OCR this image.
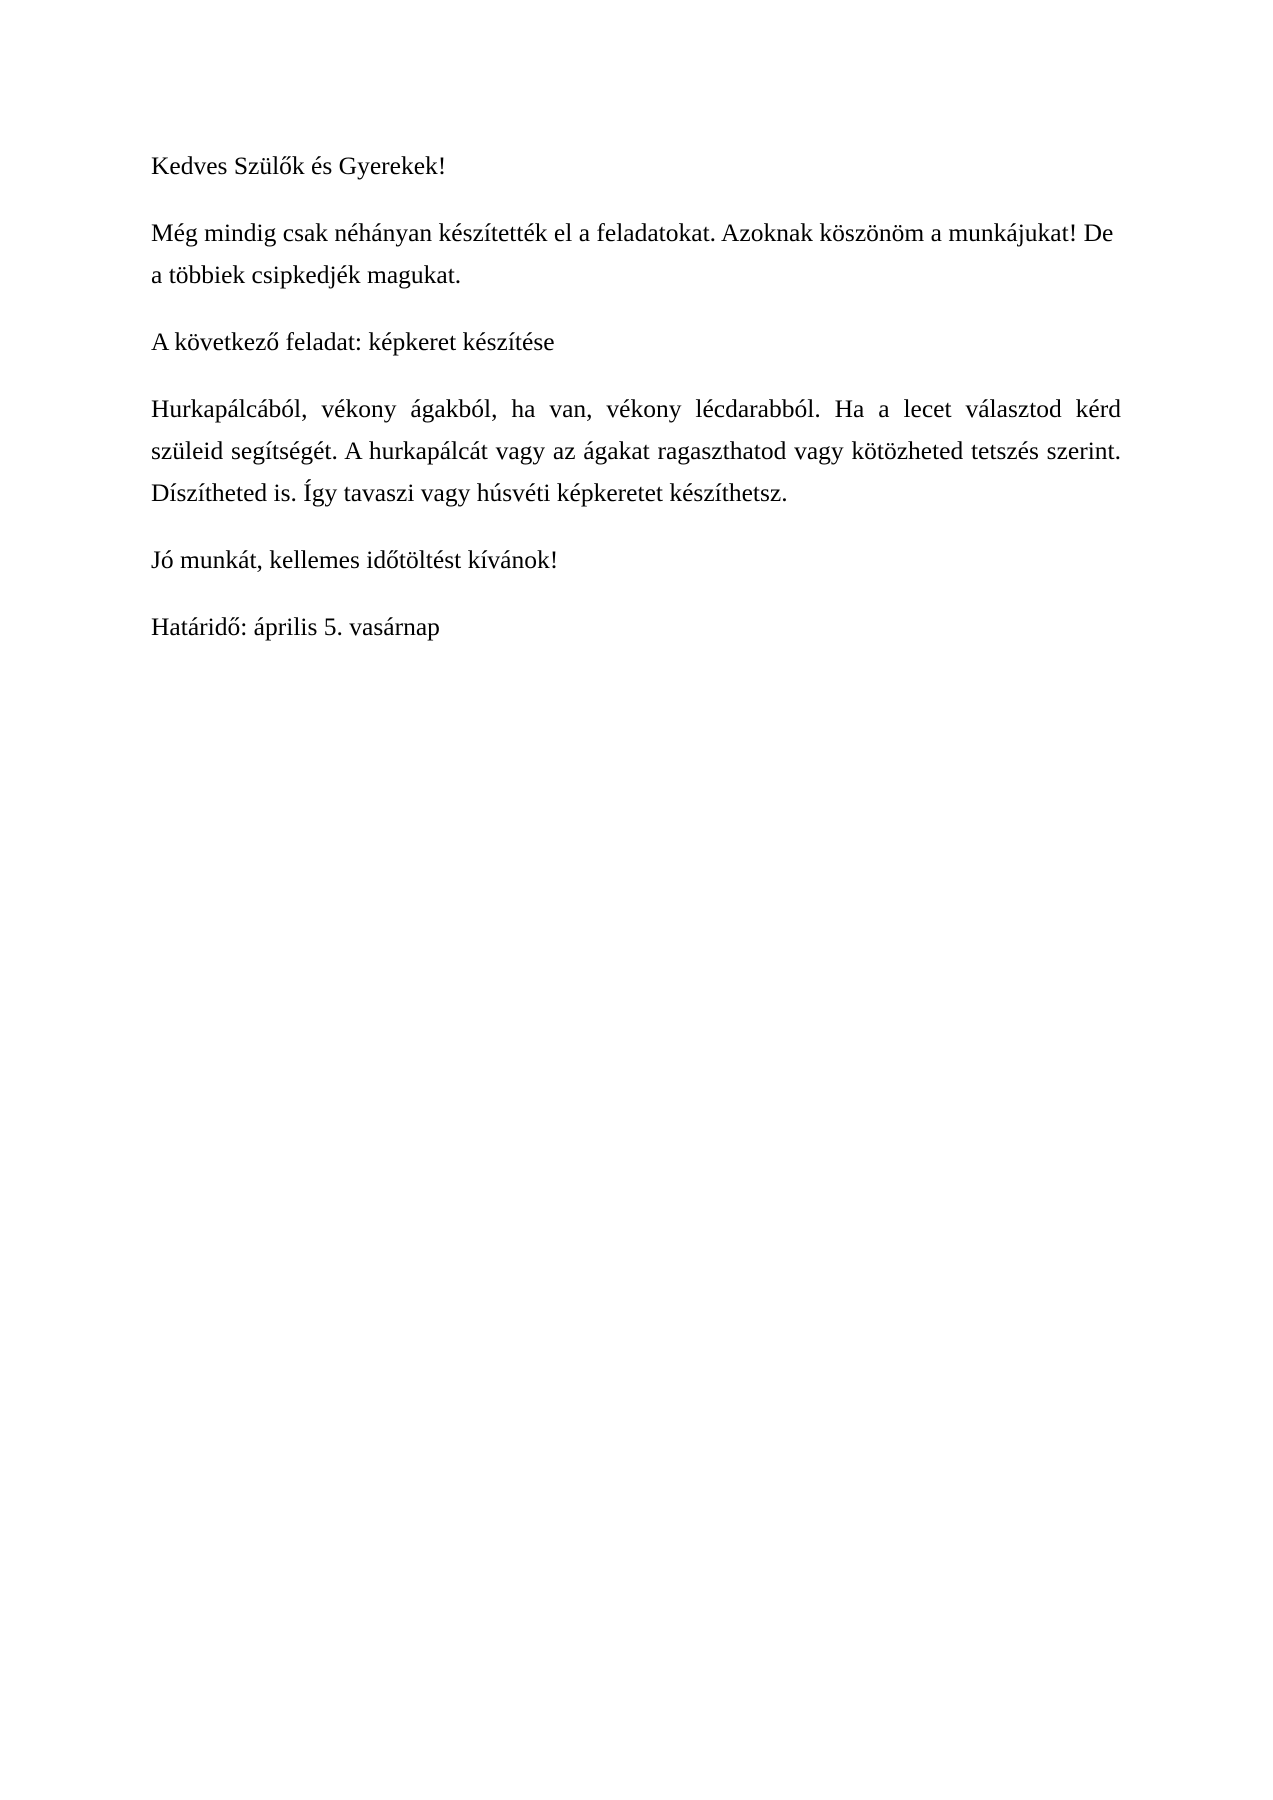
Kedves Szülők és Gyerekek!
Még mindig csak néhányan készítették el a feladatokat. Azoknak köszönöm a munkájukat! De
a többiek csipkedjék magukat.
A következő feladat: képkeret készítése
Hurkapálcából, vékony ágakból, ha van, vékony lécdarabból. Ha a lecet választod kérd
szüleid segítségét. A hurkapálcát vagy az ágakat ragaszthatod vagy kötözheted tetszés szerint.
Díszítheted is. Így tavaszi vagy húsvéti képkeretet készíthetsz.
Jó munkát, kellemes időtöltést kívánok!
Határidő: április 5. vasárnap
